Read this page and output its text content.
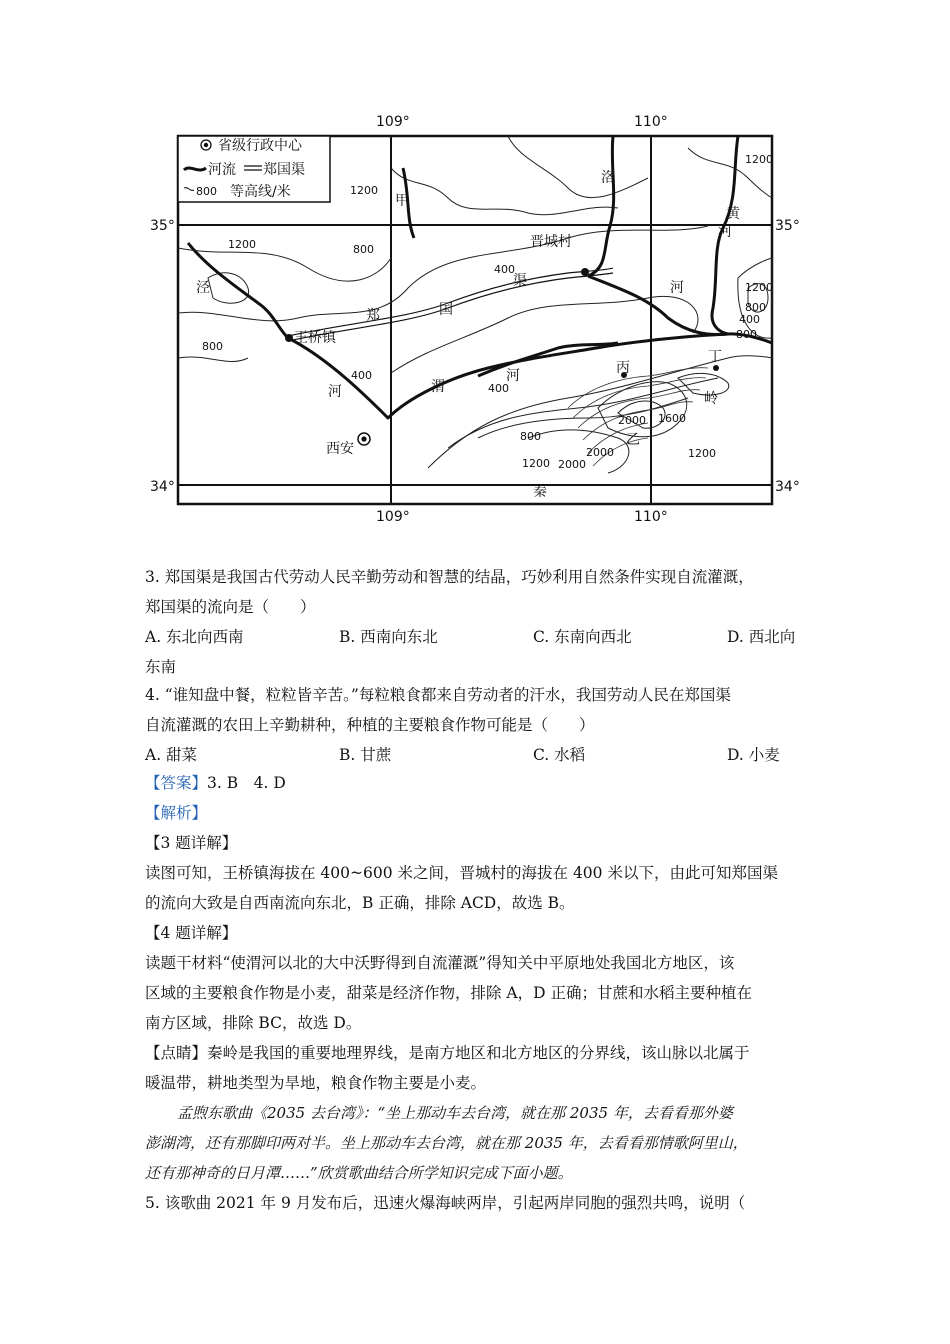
109°	110°
109°	110°
35°
34°
35°
34°
省级行政中心
河流 郑国渠
800 等高线/米
王桥镇
晋城村
西安
甲
乙
丙
丁
洛
黄
河
泾
河
郑	国
渠
渭
河
河
秦
岭
1200
1200
1200	800
400
800
400
400
1200
800
800
1600
2000
2000
1200 2000
1200
800
400
3. 郑国渠是我国古代劳动人民辛勤劳动和智慧的结晶，巧妙利用自然条件实现自流灌溉，
郑国渠的流向是（　　）
A. 东北向西南	B. 西南向东北	C. 东南向西北	D. 西北向
东南
4. “谁知盘中餐，粒粒皆辛苦。”每粒粮食都来自劳动者的汗水，我国劳动人民在郑国渠
自流灌溉的农田上辛勤耕种，种植的主要粮食作物可能是（　　）
A. 甜菜	B. 甘蔗	C. 水稻	D. 小麦
【答案】3. B　4. D
【解析】
【3 题详解】
读图可知，王桥镇海拔在 400~600 米之间，晋城村的海拔在 400 米以下，由此可知郑国渠
的流向大致是自西南流向东北，B 正确，排除 ACD，故选 B。
【4 题详解】
读题干材料“使渭河以北的大中沃野得到自流灌溉”得知关中平原地处我国北方地区，该
区域的主要粮食作物是小麦，甜菜是经济作物，排除 A，D 正确；甘蔗和水稻主要种植在
南方区域，排除 BC，故选 D。
【点睛】秦岭是我国的重要地理界线，是南方地区和北方地区的分界线，该山脉以北属于
暖温带，耕地类型为旱地，粮食作物主要是小麦。
孟煦东歌曲《2035 去台湾》：“坐上那动车去台湾，就在那 2035 年，去看看那外婆
澎湖湾，还有那脚印两对半。坐上那动车去台湾，就在那 2035 年，去看看那情歌阿里山，
还有那神奇的日月潭……”欣赏歌曲结合所学知识完成下面小题。
5. 该歌曲 2021 年 9 月发布后，迅速火爆海峡两岸，引起两岸同胞的强烈共鸣，说明（
